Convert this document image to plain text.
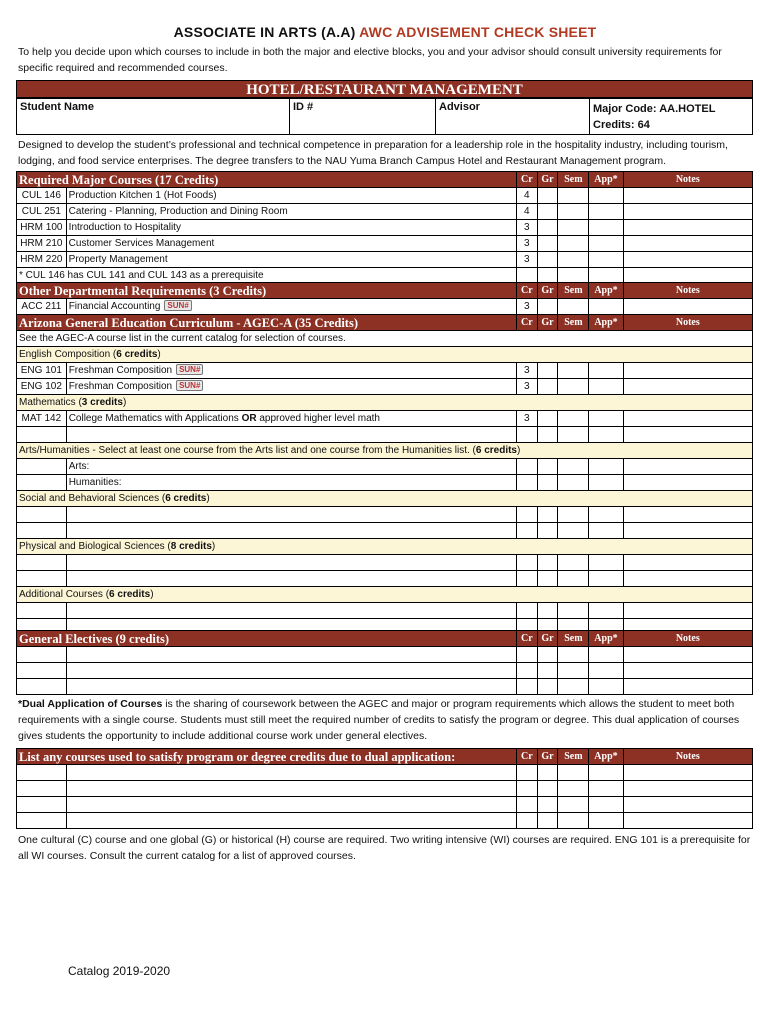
ASSOCIATE IN ARTS (A.A) AWC ADVISEMENT CHECK SHEET
To help you decide upon which courses to include in both the major and elective blocks, you and your advisor should consult university requirements for specific required and recommended courses.
HOTEL/RESTAURANT MANAGEMENT
Student Name	ID #	Advisor	Major Code: AA.HOTEL
Credits: 64
Designed to develop the student’s professional and technical competence in preparation for a leadership role in the hospitality industry, including tourism, lodging, and food service enterprises. The degree transfers to the NAU Yuma Branch Campus Hotel and Restaurant Management program.
Required Major Courses (17 Credits)		Cr	Gr	Sem	App*	Notes
CUL 146	Production Kitchen 1 (Hot Foods)	4				
CUL 251	Catering - Planning, Production and Dining Room	4				
HRM 100	Introduction to Hospitality	3				
HRM 210	Customer Services Management	3				
HRM 220	Property Management	3				
* CUL 146 has CUL 141 and CUL 143 as a prerequisite						
Other Departmental Requirements (3 Credits)		Cr	Gr	Sem	App*	Notes
ACC 211	Financial Accounting SUN#	3				
Arizona General Education Curriculum - AGEC-A (35 Credits)		Cr	Gr	Sem	App*	Notes
See the AGEC-A course list in the current catalog for selection of courses.						
English Composition (6 credits)						
ENG 101	Freshman Composition SUN#	3				
ENG 102	Freshman Composition SUN#	3				
Mathematics (3 credits)						
MAT 142	College Mathematics with Applications OR approved higher level math	3				

Arts/Humanities - Select at least one course from the Arts list and one course from the Humanities list. (6 credits)						
	Arts:					
	Humanities:					
Social and Behavioral Sciences (6 credits)						

Physical and Biological Sciences (8 credits)						

Additional Courses (6 credits)						

General Electives (9 credits)		Cr	Gr	Sem	App*	Notes

*Dual Application of Courses is the sharing of coursework between the AGEC and major or program requirements which allows the student to meet both requirements with a single course. Students must still meet the required number of credits to satisfy the program or degree. This dual application of courses gives students the opportunity to include additional course work under general electives.
List any courses used to satisfy program or degree credits due to dual application:		Cr	Gr	Sem	App*	Notes

One cultural (C) course and one global (G) or historical (H) course are required. Two writing intensive (WI) courses are required. ENG 101 is a prerequisite for all WI courses. Consult the current catalog for a list of approved courses.
Catalog 2019-2020
